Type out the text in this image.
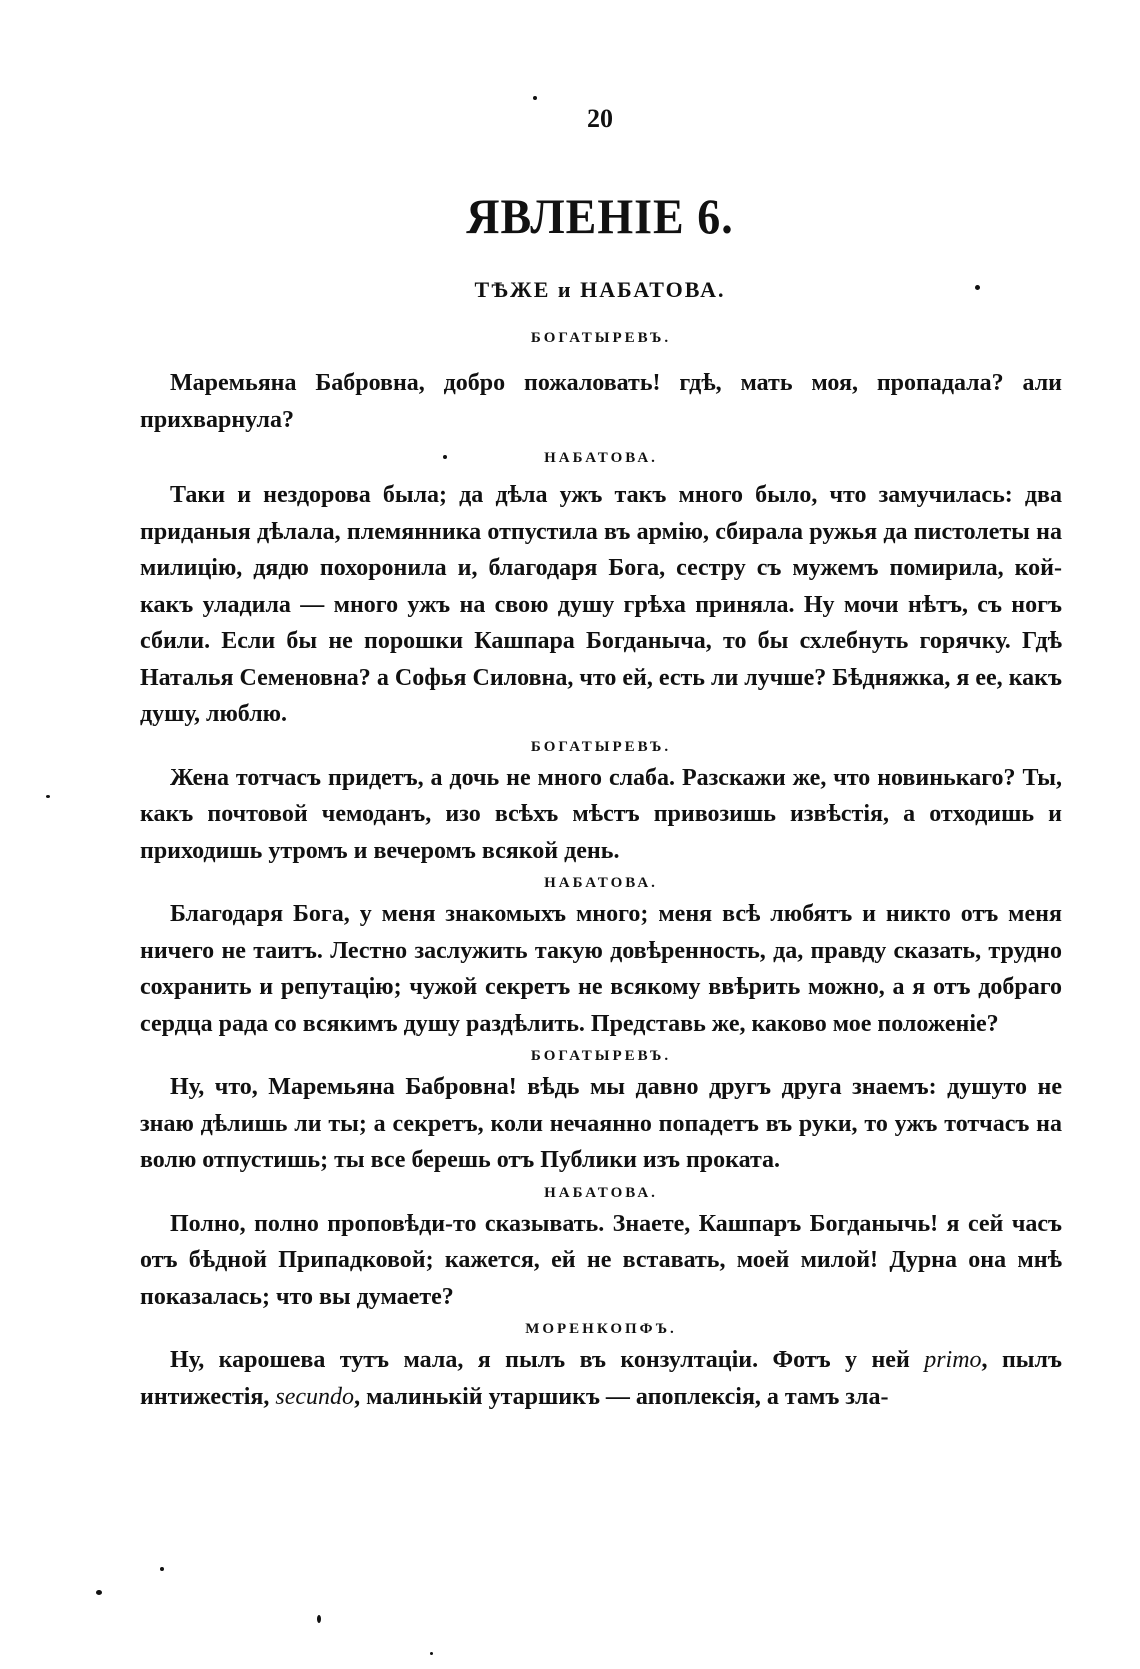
20
ЯВЛЕНІЕ 6.
ТѢЖЕ и НАБАТОВА.

БОГАТЫРЕВЪ.

Маремьяна Бабровна, добро пожаловать! гдѣ, мать моя, пропадала? али прихварнула?

НАБАТОВА.

Таки и нездорова была; да дѣла ужъ такъ много было, что замучилась: два приданыя дѣлала, племянника отпустила въ армію, сбирала ружья да пистолеты на милицію, дядю похоронила и, благодаря Бога, сестру съ мужемъ помирила, кой-какъ уладила — много ужъ на свою душу грѣха приняла. Ну мочи нѣтъ, съ ногъ сбили. Если бы не порошки Кашпара Богданыча, то бы схлебнуть горячку. Гдѣ Наталья Семеновна? а Софья Силовна, что ей, есть ли лучше? Бѣдняжка, я ее, какъ душу, люблю.

БОГАТЫРЕВЪ.

Жена тотчасъ придетъ, а дочь не много слаба. Разскажи же, что новинькаго? Ты, какъ почтовой чемоданъ, изо всѣхъ мѣстъ привозишь извѣстія, а отходишь и приходишь утромъ и вечеромъ всякой день.

НАБАТОВА.

Благодаря Бога, у меня знакомыхъ много; меня всѣ любятъ и никто отъ меня ничего не таитъ. Лестно заслужить такую довѣренность, да, правду сказать, трудно сохранить и репутацію; чужой секретъ не всякому ввѣрить можно, а я отъ добраго сердца рада со всякимъ душу раздѣлить. Представь же, каково мое положеніе?

БОГАТЫРЕВЪ.

Ну, что, Маремьяна Бабровна! вѣдь мы давно другъ друга знаемъ: душуто не знаю дѣлишь ли ты; а секретъ, коли нечаянно попадетъ въ руки, то ужъ тотчасъ на волю отпустишь; ты все берешь отъ Публики изъ проката.

НАБАТОВА.

Полно, полно проповѣди-то сказывать. Знаете, Кашпаръ Богданычь! я сей часъ отъ бѣдной Припадковой; кажется, ей не вставать, моей милой! Дурна она мнѣ показалась; что вы думаете?

МОРЕНКОПФЪ.

Ну, карошева тутъ мала, я пылъ въ конзултаціи. Фотъ у ней primo, пылъ интижестія, secundo, малинькій утаршикъ — апоплексія, а тамъ зла-
